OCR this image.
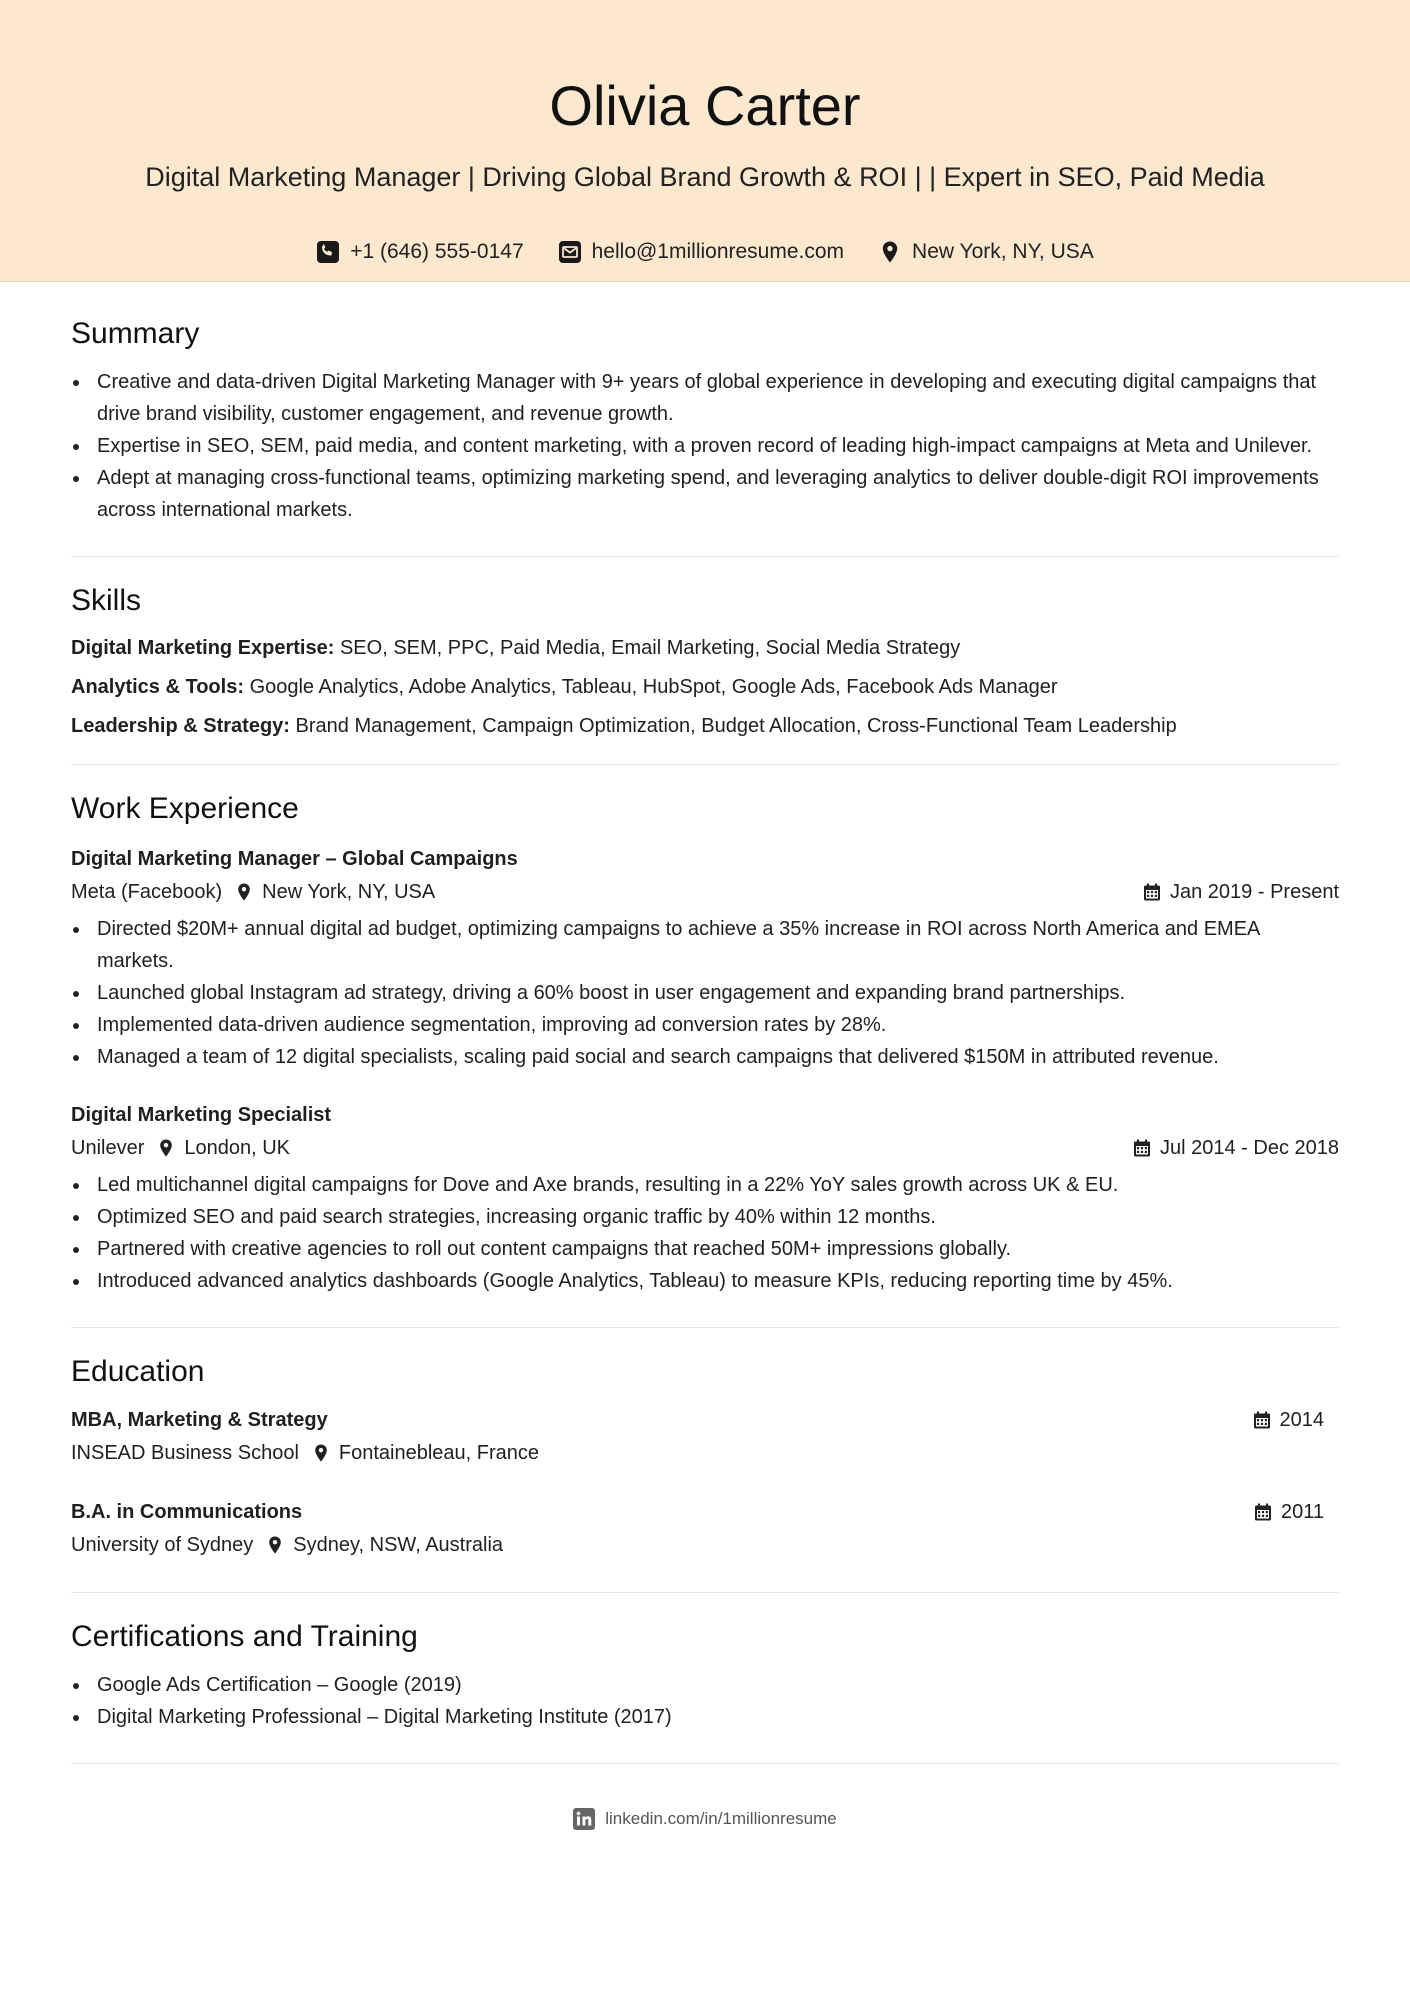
Olivia Carter
Digital Marketing Manager | Driving Global Brand Growth & ROI | | Expert in SEO, Paid Media
+1 (646) 555-0147	hello@1millionresume.com	New York, NY, USA
Summary
Creative and data-driven Digital Marketing Manager with 9+ years of global experience in developing and executing digital campaigns that drive brand visibility, customer engagement, and revenue growth.
Expertise in SEO, SEM, paid media, and content marketing, with a proven record of leading high-impact campaigns at Meta and Unilever.
Adept at managing cross-functional teams, optimizing marketing spend, and leveraging analytics to deliver double-digit ROI improvements across international markets.
Skills
Digital Marketing Expertise: SEO, SEM, PPC, Paid Media, Email Marketing, Social Media Strategy
Analytics & Tools: Google Analytics, Adobe Analytics, Tableau, HubSpot, Google Ads, Facebook Ads Manager
Leadership & Strategy: Brand Management, Campaign Optimization, Budget Allocation, Cross-Functional Team Leadership
Work Experience
Digital Marketing Manager – Global Campaigns
Meta (Facebook) New York, NY, USA	Jan 2019 - Present
Directed $20M+ annual digital ad budget, optimizing campaigns to achieve a 35% increase in ROI across North America and EMEA markets.
Launched global Instagram ad strategy, driving a 60% boost in user engagement and expanding brand partnerships.
Implemented data-driven audience segmentation, improving ad conversion rates by 28%.
Managed a team of 12 digital specialists, scaling paid social and search campaigns that delivered $150M in attributed revenue.
Digital Marketing Specialist
Unilever London, UK	Jul 2014 - Dec 2018
Led multichannel digital campaigns for Dove and Axe brands, resulting in a 22% YoY sales growth across UK & EU.
Optimized SEO and paid search strategies, increasing organic traffic by 40% within 12 months.
Partnered with creative agencies to roll out content campaigns that reached 50M+ impressions globally.
Introduced advanced analytics dashboards (Google Analytics, Tableau) to measure KPIs, reducing reporting time by 45%.
Education
MBA, Marketing & Strategy	2014
INSEAD Business School Fontainebleau, France
B.A. in Communications	2011
University of Sydney Sydney, NSW, Australia
Certifications and Training
Google Ads Certification – Google (2019)
Digital Marketing Professional – Digital Marketing Institute (2017)
linkedin.com/in/1millionresume
